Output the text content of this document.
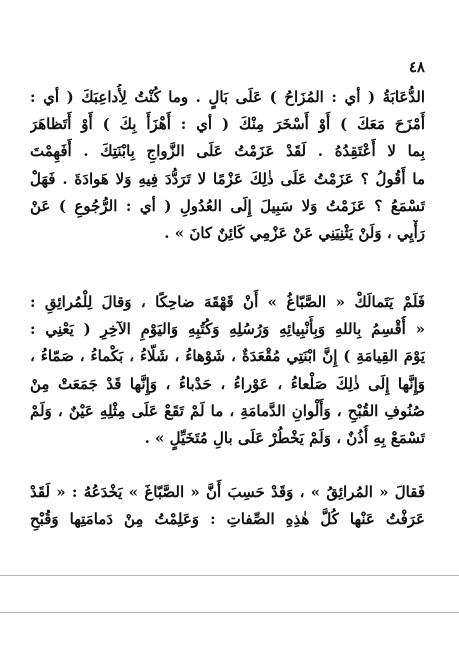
٤٨
الدُّعَابَةُ ( أي : المُزَاحُ ) عَلَى بَالٍ . وما كُنْتُ لِأُداعِبَكَ ( أي :
أَمْزَحَ مَعَكَ ) أَوْ أَسْخَرَ مِنْكَ ( أي : أَهْزَأَ بِكَ ) أَوْ أَتَظاهَرَ
بِما لا أَعْتَقِدُهُ . لَقَدْ عَزَمْتُ عَلَى الزَّواجِ بِابْنَتِكَ . أَفَهِمْتَ
ما أَقُولُ ؟ عَزَمْتُ عَلَى ذٰلِكَ عَزْمًا لا تَرَدُّدَ فِيهِ وَلا هَوادَةَ . فَهَلْ
تَسْمَعُ ؟ عَزَمْتُ وَلا سَبِيلَ إِلَى العُدُولِ ( أي : الرُّجُوعِ ) عَنْ
رَأْيِي ، وَلَنْ يَثْنِيَنِي عَنْ عَزْمِي كَائِنٌ كانَ » .
فَلَمْ يَتَمالَكْ « الصَّبّاغُ » أَنْ قَهْقَهَ ضاحِكًا ، وَقالَ لِلْمُرائِقِ :
« أُقْسِمُ بِاللهِ وَبِأَنْبِيائِهِ وَرُسُلِهِ وَكُتُبِهِ وَاليَوْمِ الآخِرِ ( يَعْنِي :
يَوْمَ القِيامَةِ ) إِنَّ ابْنَتِي مُقْعَدَةٌ ، شَوْهاءُ ، شَلّاءُ ، بَكْماءُ ، صَمّاءُ ،
وَإِنَّها إِلَى ذٰلِكَ صَلْعاءُ ، عَوْراءُ ، حَدْباءُ ، وَإِنَّها قَدْ جَمَعَتْ مِنْ
صُنُوفِ القُبْحِ ، وَأَلْوانِ الدَّمامَةِ ، ما لَمْ تَقَعْ عَلَى مِثْلِهِ عَيْنٌ ، وَلَمْ
تَسْمَعْ بِهِ أُذُنٌ ، وَلَمْ يَخْطُرْ عَلَى بالِ مُتَخَيِّلٍ » .
فَقالَ « المُرائِقُ » ، وَقَدْ حَسِبَ أَنَّ « الصَّبّاغَ » يَخْدَعُهُ : « لَقَدْ
عَرَفْتُ عَنْها كُلَّ هٰذِهِ الصِّفاتِ : وَعَلِمْتُ مِنْ دَمامَتِها وَقُبْحِ
